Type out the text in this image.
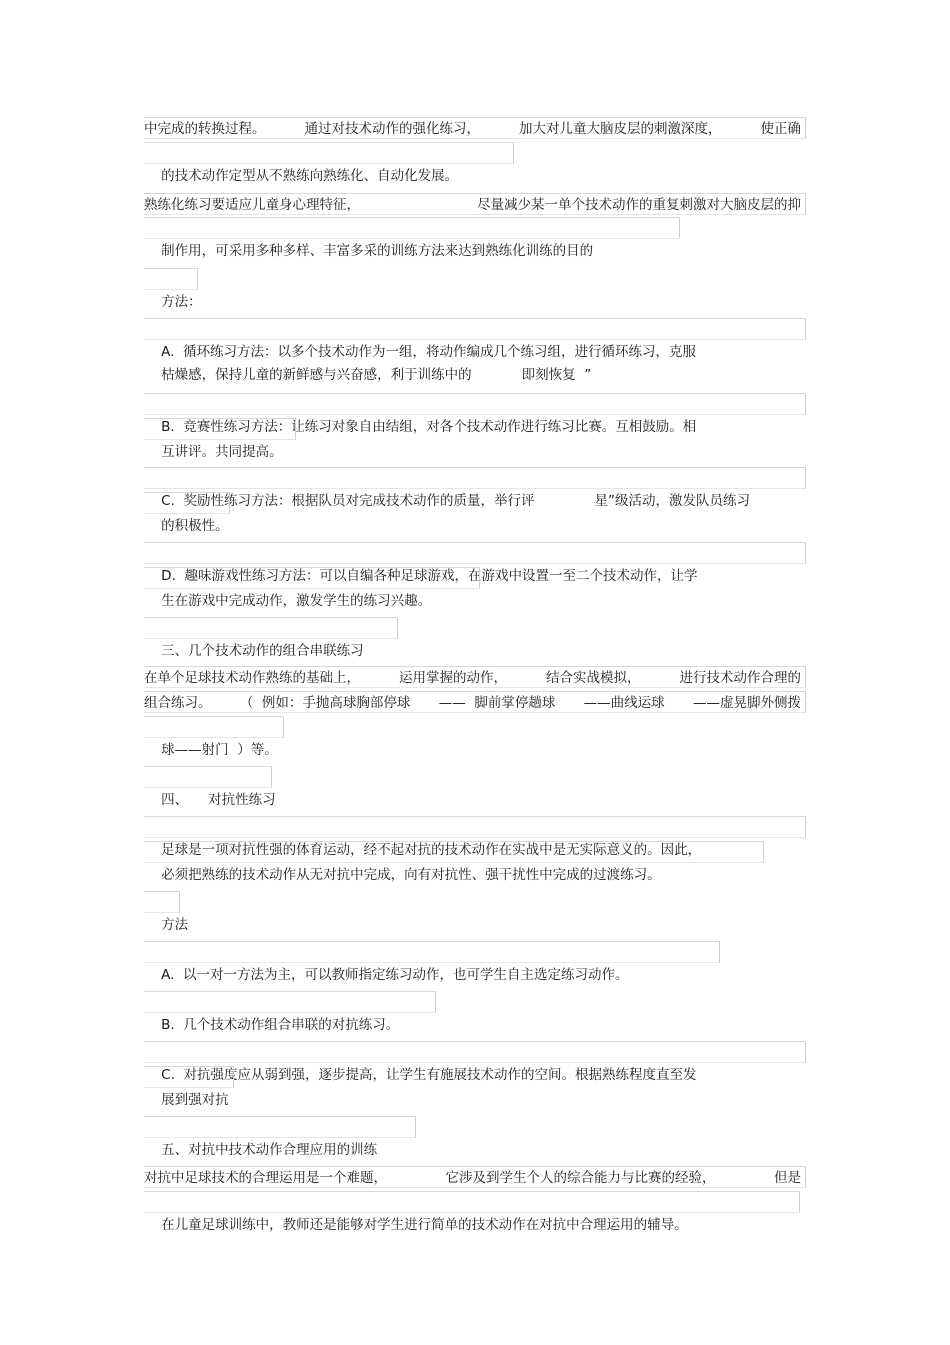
中完成的转换过程。	通过对技术动作的强化练习，	加大对儿童大脑皮层的刺激深度，	使正确

的技术动作定型从不熟练向熟练化、自动化发展。

熟练化练习要适应儿童身心理特征，	尽量减少某一单个技术动作的重复刺激对大脑皮层的抑

制作用，可采用多种多样、丰富多采的训练方法来达到熟练化训练的目的

方法：

A.  循环练习方法：以多个技术动作为一组，将动作编成几个练习组，进行循环练习，克服

枯燥感，保持儿童的新鲜感与兴奋感，利于训练中的	即刻恢复  ”

B.  竞赛性练习方法：让练习对象自由结组，对各个技术动作进行练习比赛。互相鼓励。相

互讲评。共同提高。

C.  奖励性练习方法：根据队员对完成技术动作的质量，举行评	星”级活动，激发队员练习

的积极性。

D.  趣味游戏性练习方法：可以自编各种足球游戏，在游戏中设置一至二个技术动作，让学

生在游戏中完成动作，激发学生的练习兴趣。

三、几个技术动作的组合串联练习

在单个足球技术动作熟练的基础上，	运用掌握的动作，	结合实战模拟，	进行技术动作合理的
组合练习。 （  例如：手抛高球胸部停球 ——  脚前掌停趟球 ——曲线运球 ——虚晃脚外侧拨

球——射门  ）等。

四、 对抗性练习

足球是一项对抗性强的体育运动，经不起对抗的技术动作在实战中是无实际意义的。因此，

必须把熟练的技术动作从无对抗中完成，向有对抗性、强干扰性中完成的过渡练习。

方法

A.  以一对一方法为主，可以教师指定练习动作，也可学生自主选定练习动作。

B.  几个技术动作组合串联的对抗练习。

C.  对抗强度应从弱到强，逐步提高，让学生有施展技术动作的空间。根据熟练程度直至发

展到强对抗

五、对抗中技术动作合理应用的训练

对抗中足球技术的合理运用是一个难题，	它涉及到学生个人的综合能力与比赛的经验，	但是

在儿童足球训练中，教师还是能够对学生进行简单的技术动作在对抗中合理运用的辅导。
